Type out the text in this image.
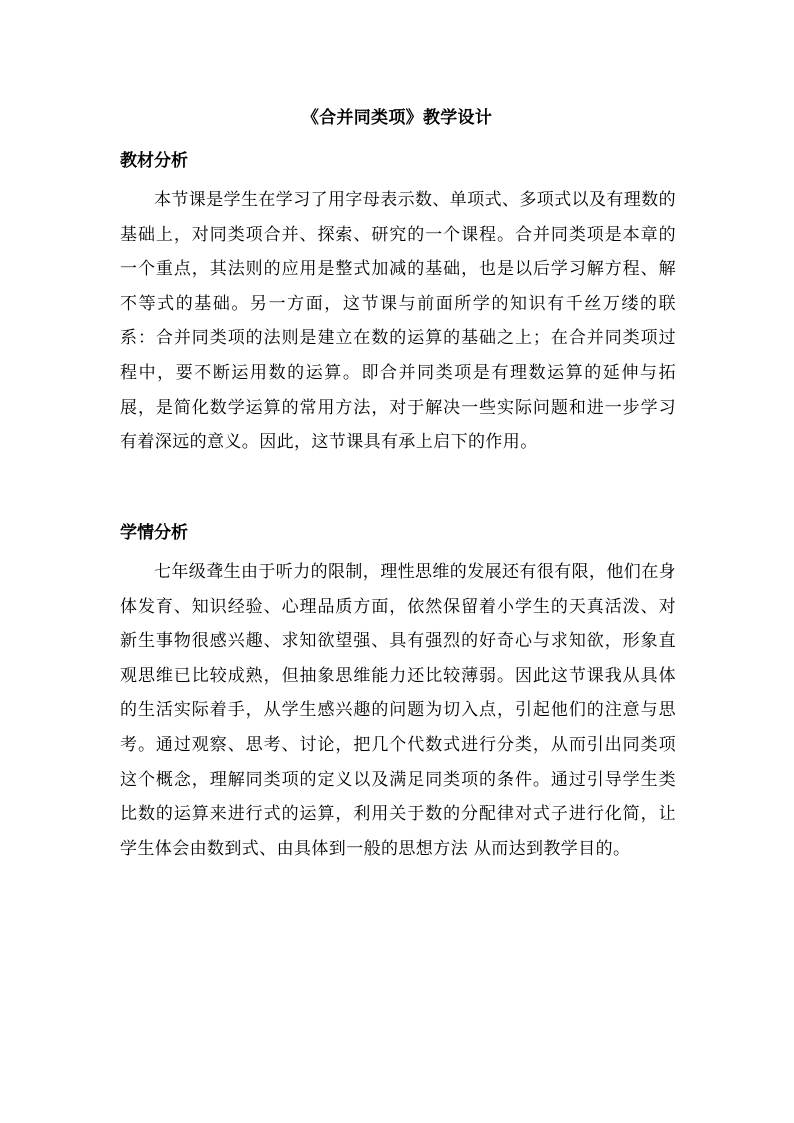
《合并同类项》教学设计
教材分析

本节课是学生在学习了用字母表示数、单项式、多项式以及有理数的基础上，对同类项合并、探索、研究的一个课程。合并同类项是本章的一个重点，其法则的应用是整式加减的基础，也是以后学习解方程、解不等式的基础。另一方面，这节课与前面所学的知识有千丝万缕的联系：合并同类项的法则是建立在数的运算的基础之上；在合并同类项过程中，要不断运用数的运算。即合并同类项是有理数运算的延伸与拓展，是简化数学运算的常用方法，对于解决一些实际问题和进一步学习有着深远的意义。因此，这节课具有承上启下的作用。

学情分析

七年级聋生由于听力的限制，理性思维的发展还有很有限，他们在身体发育、知识经验、心理品质方面，依然保留着小学生的天真活泼、对新生事物很感兴趣、求知欲望强、具有强烈的好奇心与求知欲，形象直观思维已比较成熟，但抽象思维能力还比较薄弱。因此这节课我从具体的生活实际着手，从学生感兴趣的问题为切入点，引起他们的注意与思考。通过观察、思考、讨论，把几个代数式进行分类，从而引出同类项这个概念，理解同类项的定义以及满足同类项的条件。通过引导学生类比数的运算来进行式的运算，利用关于数的分配律对式子进行化简，让学生体会由数到式、由具体到一般的思想方法 从而达到教学目的。
